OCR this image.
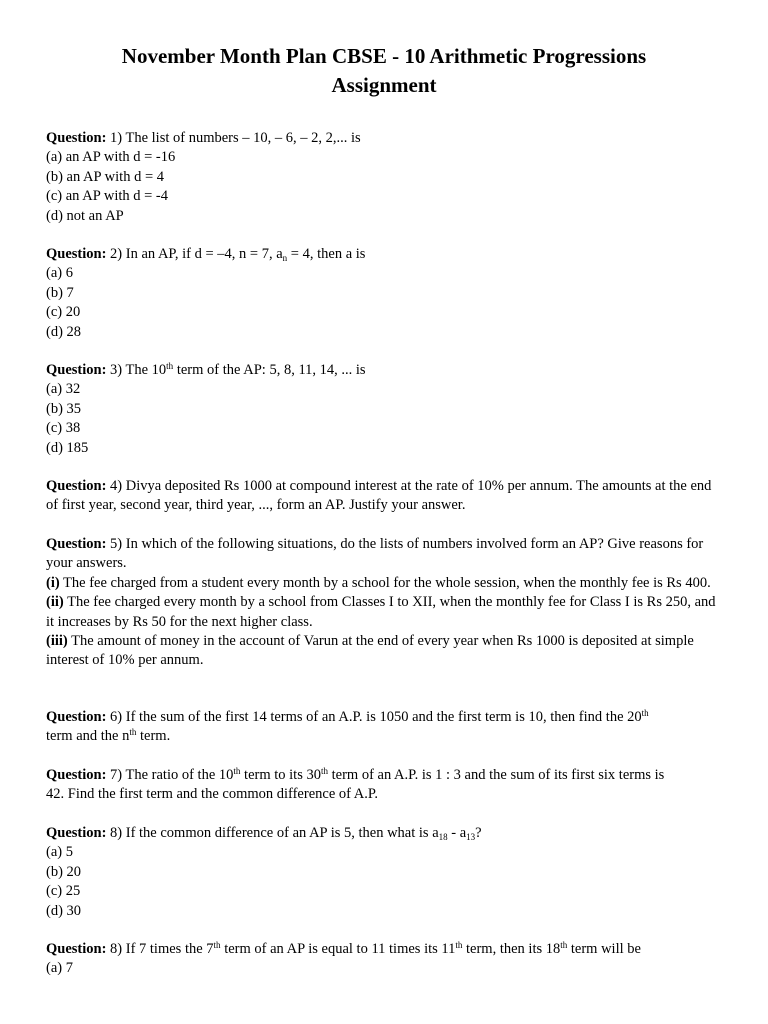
November Month Plan CBSE - 10 Arithmetic Progressions
Assignment
Question: 1) The list of numbers – 10, – 6, – 2, 2,... is
(a) an AP with d = -16
(b) an AP with d = 4
(c) an AP with d = -4
(d) not an AP
Question: 2) In an AP, if d = –4, n = 7, $a_n = 4$, then a is
(a) 6
(b) 7
(c) 20
(d) 28
Question: 3) The 10th term of the AP: 5, 8, 11, 14, ... is
(a) 32
(b) 35
(c) 38
(d) 185
Question: 4) Divya deposited Rs 1000 at compound interest at the rate of 10% per annum. The amounts at the end of first year, second year, third year, ..., form an AP. Justify your answer.
Question: 5) In which of the following situations, do the lists of numbers involved form an AP? Give reasons for your answers.
(i) The fee charged from a student every month by a school for the whole session, when the monthly fee is Rs 400.
(ii) The fee charged every month by a school from Classes I to XII, when the monthly fee for Class I is Rs 250, and it increases by Rs 50 for the next higher class.
(iii) The amount of money in the account of Varun at the end of every year when Rs 1000 is deposited at simple interest of 10% per annum.
Question: 6) If the sum of the first 14 terms of an A.P. is 1050 and the first term is 10, then find the 20th
term and the $n^{th}$ term.
Question: 7) The ratio of the 10th term to its 30th term of an A.P. is 1 : 3 and the sum of its first six terms is
42. Find the first term and the common difference of A.P.
Question: 8) If the common difference of an AP is 5, then what is $a_{18} - a_{13}$?
(a) 5
(b) 20
(c) 25
(d) 30
Question: 8) If 7 times the 7th term of an AP is equal to 11 times its 11th term, then its 18th term will be
(a) 7
